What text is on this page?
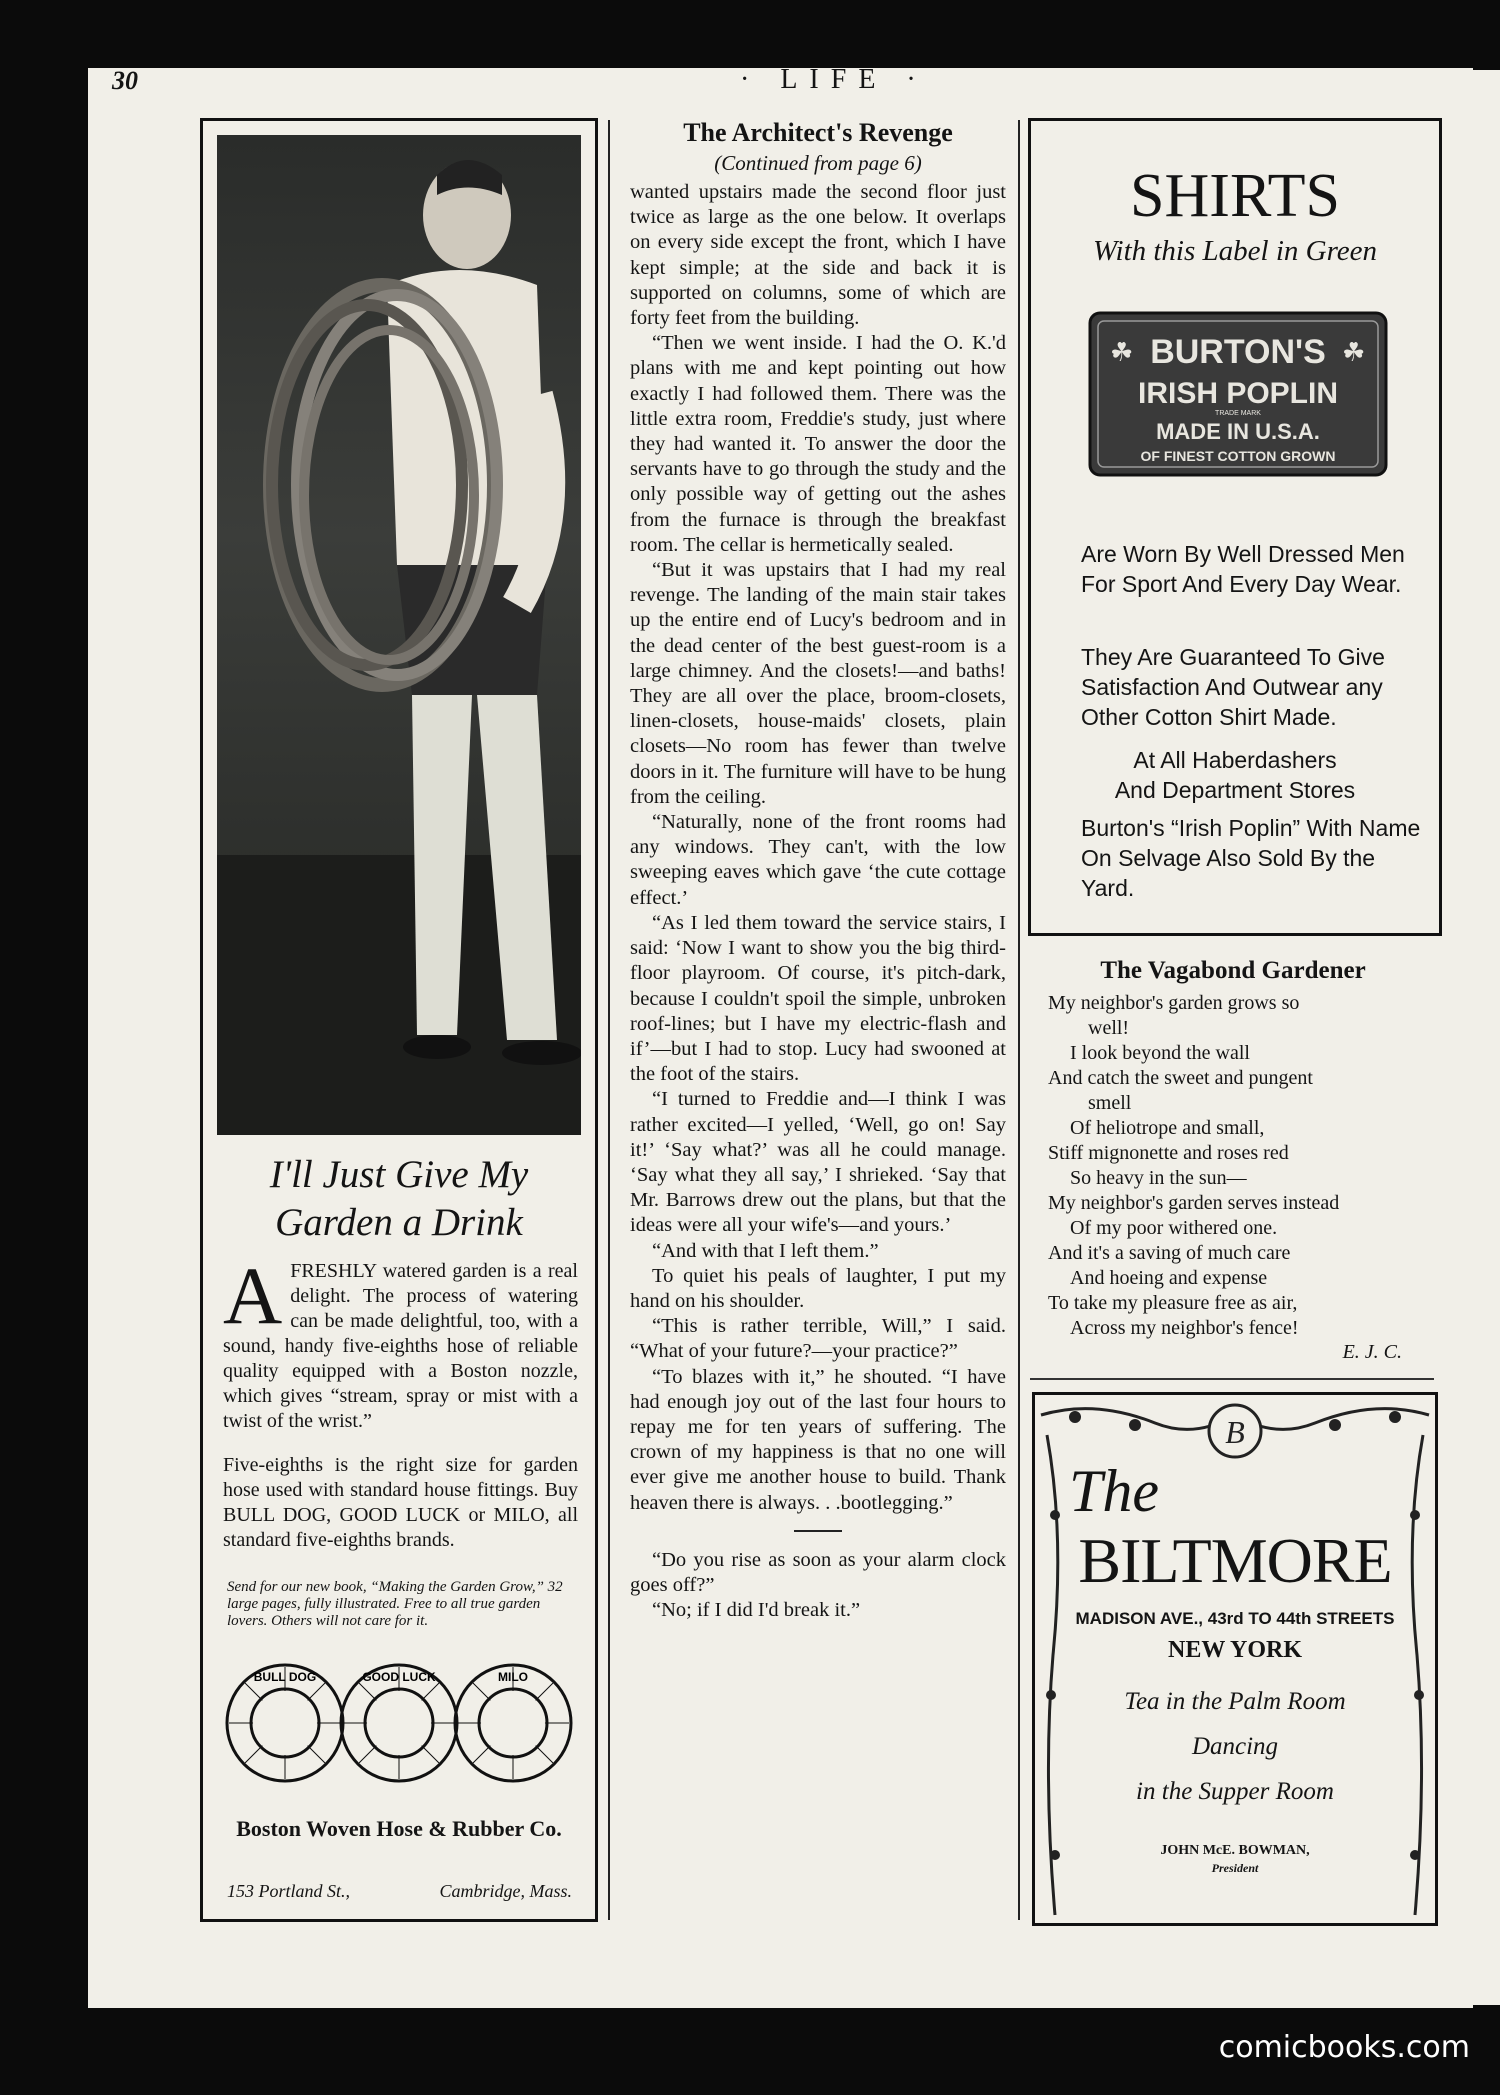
30	· LIFE ·
I'll Just Give My
Garden a Drink
AFRESHLY watered garden is a real delight. The process of watering can be made delightful, too, with a sound, handy five-eighths hose of reliable quality equipped with a Boston nozzle, which gives “stream, spray or mist with a twist of the wrist.”
Five-eighths is the right size for garden hose used with standard house fittings. Buy BULL DOG, GOOD LUCK or MILO, all standard five-eighths brands.
Send for our new book, “Making the Garden Grow,” 32 large pages, fully illustrated. Free to all true garden lovers. Others will not care for it.
BULL DOG	GOOD LUCK	MILO
Boston Woven Hose & Rubber Co.
153 Portland St.,	Cambridge, Mass.
The Architect's Revenge
(Continued from page 6)

wanted upstairs made the second floor just twice as large as the one below. It overlaps on every side except the front, which I have kept simple; at the side and back it is supported on columns, some of which are forty feet from the building.

“Then we went inside. I had the O. K.'d plans with me and kept pointing out how exactly I had followed them. There was the little extra room, Freddie's study, just where they had wanted it. To answer the door the servants have to go through the study and the only possible way of getting out the ashes from the furnace is through the breakfast room. The cellar is hermetically sealed.

“But it was upstairs that I had my real revenge. The landing of the main stair takes up the entire end of Lucy's bedroom and in the dead center of the best guest-room is a large chimney. And the closets!—and baths! They are all over the place, broom-closets, linen-closets, house-maids' closets, plain closets—No room has fewer than twelve doors in it. The furniture will have to be hung from the ceiling.

“Naturally, none of the front rooms had any windows. They can't, with the low sweeping eaves which gave ‘the cute cottage effect.’

“As I led them toward the service stairs, I said: ‘Now I want to show you the big third-floor playroom. Of course, it's pitch-dark, because I couldn't spoil the simple, unbroken roof-lines; but I have my electric-flash and if’—but I had to stop. Lucy had swooned at the foot of the stairs.

“I turned to Freddie and—I think I was rather excited—I yelled, ‘Well, go on! Say it!’ ‘Say what?’ was all he could manage. ‘Say what they all say,’ I shrieked. ‘Say that Mr. Barrows drew out the plans, but that the ideas were all your wife's—and yours.’

“And with that I left them.”

To quiet his peals of laughter, I put my hand on his shoulder.

“This is rather terrible, Will,” I said. “What of your future?—your practice?”

“To blazes with it,” he shouted. “I have had enough joy out of the last four hours to repay me for ten years of suffering. The crown of my happiness is that no one will ever give me another house to build. Thank heaven there is always. . .bootlegging.”

“Do you rise as soon as your alarm clock goes off?”

“No; if I did I'd break it.”

SHIRTS
With this Label in Green
BURTON'S
IRISH POPLIN
TRADE MARK
MADE IN U.S.A.
OF FINEST COTTON GROWN
☘	☘
Are Worn By Well Dressed Men For Sport And Every Day Wear.
They Are Guaranteed To Give Satisfaction And Outwear any Other Cotton Shirt Made.
At All Haberdashers
And Department Stores
Burton's “Irish Poplin” With Name On Selvage Also Sold By the Yard.
The Vagabond Gardener
My neighbor's garden grows so
well!
I look beyond the wall
And catch the sweet and pungent
smell
Of heliotrope and small,
Stiff mignonette and roses red
So heavy in the sun—
My neighbor's garden serves instead
Of my poor withered one.
And it's a saving of much care
And hoeing and expense
To take my pleasure free as air,
Across my neighbor's fence!
E. J. C.
B
The
BILTMORE
MADISON AVE., 43rd TO 44th STREETS
NEW YORK
Tea in the Palm Room
Dancing
in the Supper Room
JOHN McE. BOWMAN,
President
comicbooks.com
